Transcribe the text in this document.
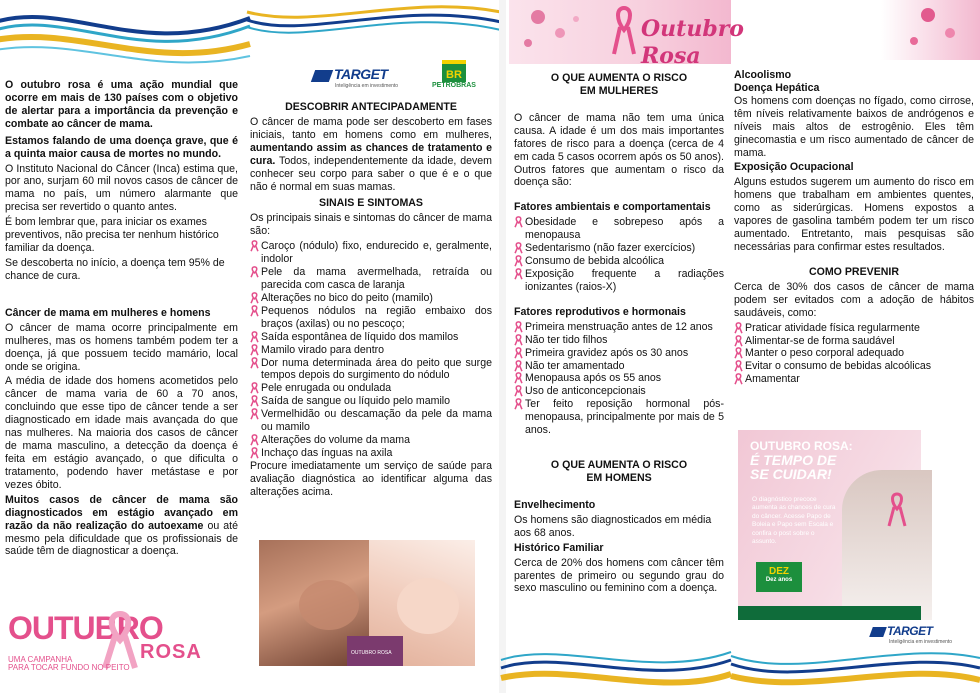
O outubro rosa é uma ação mundial que ocorre em mais de 130 países com o objetivo de alertar para a importância da prevenção e combate ao câncer de mama.

Estamos falando de uma doença grave, que é a quinta maior causa de mortes no mundo.

O Instituto Nacional do Câncer (Inca) estima que, por ano, surjam 60 mil novos casos de câncer de mama no país, um número alarmante que precisa ser revertido o quanto antes.

É bom lembrar que, para iniciar os exames preventivos, não precisa ter nenhum histórico familiar da doença.

Se descoberta no início, a doença tem 95% de chance de cura.

Câncer de mama em mulheres e homens

O câncer de mama ocorre principalmente em mulheres, mas os homens também podem ter a doença, já que possuem tecido mamário, local onde se origina.

A média de idade dos homens acometidos pelo câncer de mama varia de 60 a 70 anos, concluindo que esse tipo de câncer tende a ser diagnosticado em idade mais avançada do que nas mulheres. Na maioria dos casos de câncer de mama masculino, a detecção da doença é feita em estágio avançado, o que dificulta o tratamento, podendo haver metástase e por vezes óbito.

Muitos casos de câncer de mama são diagnosticados em estágio avançado em razão da não realização do autoexame ou até mesmo pela dificuldade que os profissionais de saúde têm de diagnosticar a doença.

OUTUBRO
ROSA
UMA CAMPANHA
PARA TOCAR FUNDO NO PEITO
TARGET
Inteligência em investimento
BR
PETROBRAS

DESCOBRIR ANTECIPADAMENTE

O câncer de mama pode ser descoberto em fases iniciais, tanto em homens como em mulheres, aumentando assim as chances de tratamento e cura. Todos, independentemente da idade, devem conhecer seu corpo para saber o que é e o que não é normal em suas mamas.

SINAIS E SINTOMAS

Os principais sinais e sintomas do câncer de mama são:

Caroço (nódulo) fixo, endurecido e, geralmente, indolor
Pele da mama avermelhada, retraída ou parecida com casca de laranja
Alterações no bico do peito (mamilo)
Pequenos nódulos na região embaixo dos braços (axilas) ou no pescoço;
Saída espontânea de líquido dos mamilos
Mamilo virado para dentro
Dor numa determinada área do peito que surge tempos depois do surgimento do nódulo
Pele enrugada ou ondulada
Saída de sangue ou líquido pelo mamilo
Vermelhidão ou descamação da pele da mama ou mamilo
Alterações do volume da mama
Inchaço das ínguas na axila

Procure imediatamente um serviço de saúde para avaliação diagnóstica ao identificar alguma das alterações acima.

OUTUBRO ROSA
Outubro Rosa

O QUE AUMENTA O RISCO

EM MULHERES

O câncer de mama não tem uma única causa. A idade é um dos mais importantes fatores de risco para a doença (cerca de 4 em cada 5 casos ocorrem após os 50 anos). Outros fatores que aumentam o risco da doença são:

Fatores ambientais e comportamentais

Obesidade e sobrepeso após a menopausa
Sedentarismo (não fazer exercícios)
Consumo de bebida alcoólica
Exposição frequente a radiações ionizantes (raios-X)

Fatores reprodutivos e hormonais

Primeira menstruação antes de 12 anos
Não ter tido filhos
Primeira gravidez após os 30 anos
Não ter amamentado
Menopausa após os 55 anos
Uso de anticoncepcionais
Ter feito reposição hormonal pós-menopausa, principalmente por mais de 5 anos.

O QUE AUMENTA O RISCO

EM HOMENS

Envelhecimento

Os homens são diagnosticados em média aos 68 anos.

Histórico Familiar

Cerca de 20% dos homens com câncer têm parentes de primeiro ou segundo grau do sexo masculino ou feminino com a doença.

Alcoolismo

Doença Hepática

Os homens com doenças no fígado, como cirrose, têm níveis relativamente baixos de andrógenos e níveis mais altos de estrogênio. Eles têm ginecomastia e um risco aumentado de câncer de mama.

Exposição Ocupacional

Alguns estudos sugerem um aumento do risco em homens que trabalham em ambientes quentes, como as siderúrgicas. Homens expostos a vapores de gasolina também podem ter um risco aumentado. Entretanto, mais pesquisas são necessárias para confirmar estes resultados.

COMO PREVENIR

Cerca de 30% dos casos de câncer de mama podem ser evitados com a adoção de hábitos saudáveis, como:

Praticar atividade física regularmente
Alimentar-se de forma saudável
Manter o peso corporal adequado
Evitar o consumo de bebidas alcoólicas
Amamentar
OUTUBRO ROSA:
É TEMPO DE
SE CUIDAR!
O diagnóstico precoce aumenta as chances de cura do câncer. Acesse Papo de Boleia e Papo sem Escala e confira o post sobre o assunto.
DEZ
Dez anos
TARGET
Inteligência em investimento
